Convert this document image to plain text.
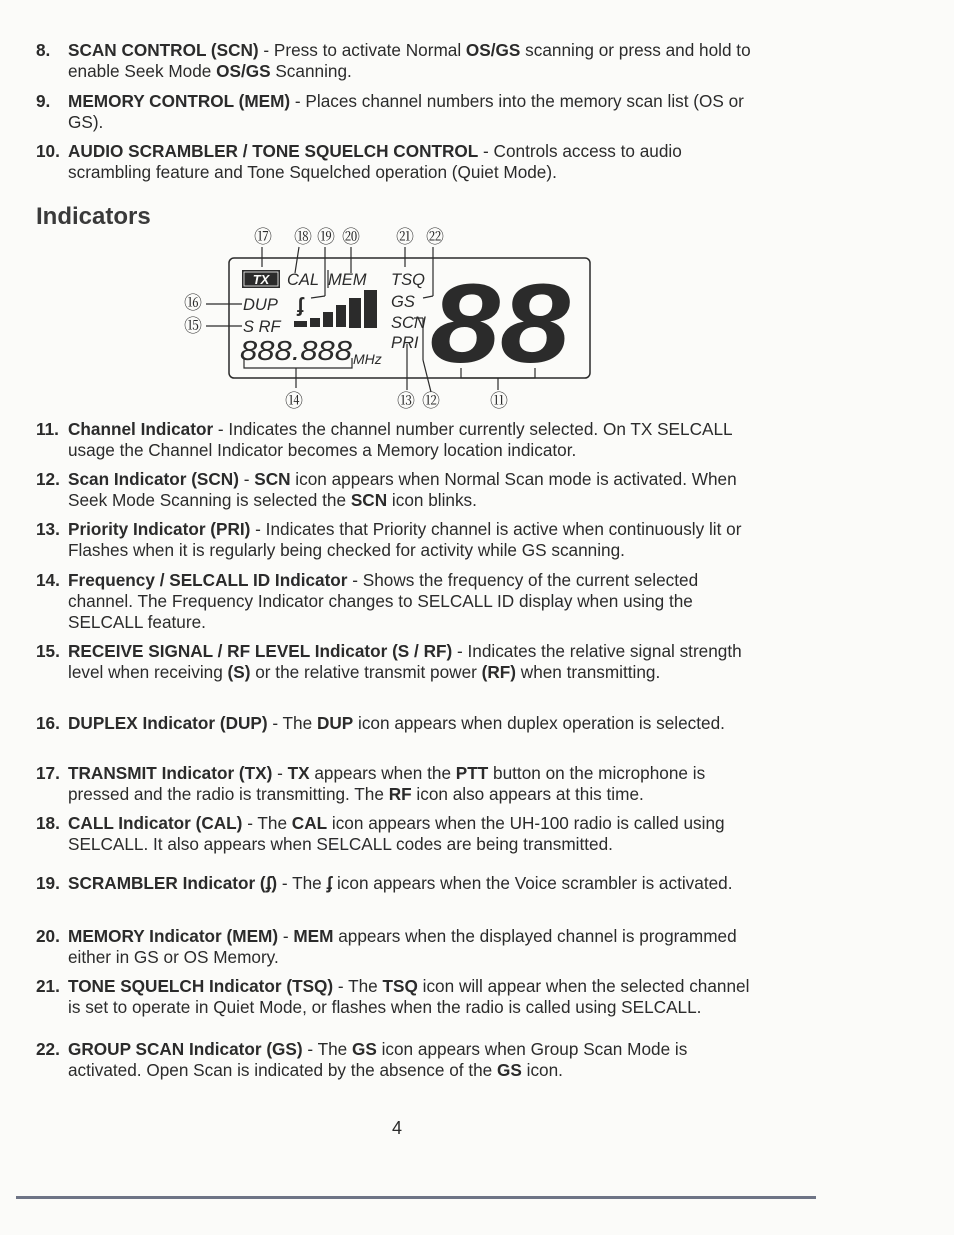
8. SCAN CONTROL (SCN) - Press to activate Normal OS/GS scanning or press and hold to enable Seek Mode OS/GS Scanning.
9. MEMORY CONTROL (MEM) - Places channel numbers into the memory scan list (OS or GS).
10. AUDIO SCRAMBLER / TONE SQUELCH CONTROL - Controls access to audio scrambling feature and Tone Squelched operation (Quiet Mode).
Indicators
⑰ ⑱ ⑲ ⑳ ㉑ ㉒
⑯
⑮
⑭	⑬ ⑫	⑪
TX CAL MEM TSQ
DUP	GS
S RF	SCN
PRI
ʄ
888.888 MHz 88
11. Channel Indicator - Indicates the channel number currently selected. On TX SELCALL usage the Channel Indicator becomes a Memory location indicator.
12. Scan Indicator (SCN) - SCN icon appears when Normal Scan mode is activated. When Seek Mode Scanning is selected the SCN icon blinks.
13. Priority Indicator (PRI) - Indicates that Priority channel is active when continuously lit or Flashes when it is regularly being checked for activity while GS scanning.
14. Frequency / SELCALL ID Indicator - Shows the frequency of the current selected channel. The Frequency Indicator changes to SELCALL ID display when using the SELCALL feature.
15. RECEIVE SIGNAL / RF LEVEL Indicator (S / RF) - Indicates the relative signal strength level when receiving (S) or the relative transmit power (RF) when transmitting.
16. DUPLEX Indicator (DUP) - The DUP icon appears when duplex operation is selected.
17. TRANSMIT Indicator (TX) - TX appears when the PTT button on the microphone is pressed and the radio is transmitting. The RF icon also appears at this time.
18. CALL Indicator (CAL) - The CAL icon appears when the UH-100 radio is called using SELCALL. It also appears when SELCALL codes are being transmitted.
19. SCRAMBLER Indicator (ʄ) - The ʄ icon appears when the Voice scrambler is activated.
20. MEMORY Indicator (MEM) - MEM appears when the displayed channel is programmed either in GS or OS Memory.
21. TONE SQUELCH Indicator (TSQ) - The TSQ icon will appear when the selected channel is set to operate in Quiet Mode, or flashes when the radio is called using SELCALL.
22. GROUP SCAN Indicator (GS) - The GS icon appears when Group Scan Mode is activated. Open Scan is indicated by the absence of the GS icon.
4
